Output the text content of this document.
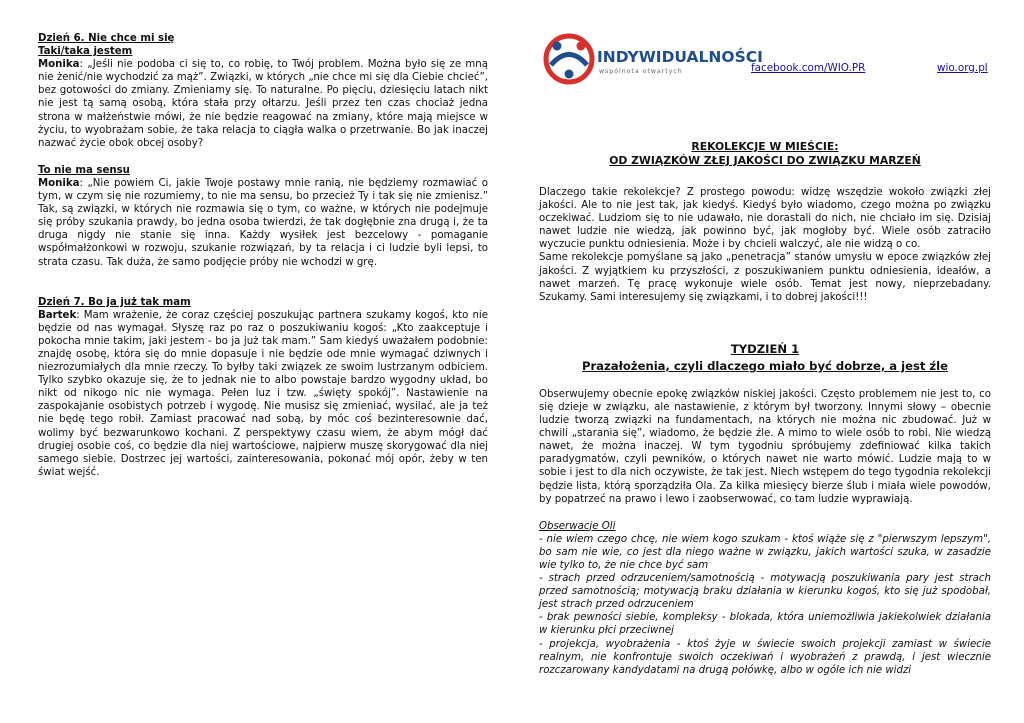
Dzień 6. Nie chce mi się
Taki/taka jestem

Monika: „Jeśli nie podoba ci się to, co robię, to Twój problem. Można było się ze mną nie żenić/nie wychodzić za mąż”. Związki, w których „nie chce mi się dla Ciebie chcieć”, bez gotowości do zmiany. Zmieniamy się. To naturalne. Po pięciu, dziesięciu latach nikt nie jest tą samą osobą, która stała przy ołtarzu. Jeśli przez ten czas chociaż jedna strona w małżeństwie mówi, że nie będzie reagować na zmiany, które mają miejsce w życiu, to wyobrażam sobie, że taka relacja to ciągła walka o przetrwanie. Bo jak inaczej nazwać życie obok obcej osoby?

To nie ma sensu

Monika: „Nie powiem Ci, jakie Twoje postawy mnie ranią, nie będziemy rozmawiać o tym, w czym się nie rozumiemy, to nie ma sensu, bo przecież Ty i tak się nie zmienisz.” Tak, są związki, w których nie rozmawia się o tym, co ważne, w których nie podejmuje się próby szukania prawdy, bo jedna osoba twierdzi, że tak dogłębnie zna drugą i, że ta druga nigdy nie stanie się inna. Każdy wysiłek jest bezcelowy - pomaganie współmałżonkowi w rozwoju, szukanie rozwiązań, by ta relacja i ci ludzie byli lepsi, to strata czasu. Tak duża, że samo podjęcie próby nie wchodzi w grę.

Dzień 7. Bo ja już tak mam

Bartek: Mam wrażenie, że coraz częściej poszukując partnera szukamy kogoś, kto nie będzie od nas wymagał. Słyszę raz po raz o poszukiwaniu kogoś: „Kto zaakceptuje i pokocha mnie takim, jaki jestem - bo ja już tak mam.” Sam kiedyś uważałem podobnie: znajdę osobę, która się do mnie dopasuje i nie będzie ode mnie wymagać dziwnych i niezrozumiałych dla mnie rzeczy. To byłby taki związek ze swoim lustrzanym odbiciem. Tylko szybko okazuje się, że to jednak nie to albo powstaje bardzo wygodny układ, bo nikt od nikogo nic nie wymaga. Pełen luz i tzw. „święty spokój”. Nastawienie na zaspokajanie osobistych potrzeb i wygodę. Nie musisz się zmieniać, wysilać, ale ja też nie będę tego robił. Zamiast pracować nad sobą, by móc coś bezinteresownie dać, wolimy być bezwarunkowo kochani. Z perspektywy czasu wiem, że abym mógł dać drugiej osobie coś, co będzie dla niej wartościowe, najpierw muszę skorygować dla niej samego siebie. Dostrzec jej wartości, zainteresowania, pokonać mój opór, żeby w ten świat wejść.

INDYWIDUALNOŚCI
wspólnota otwartych	facebook.com/WIO.PR	wio.org.pl
REKOLEKCJE W MIEŚCIE:
OD ZWIĄZKÓW ZŁEJ JAKOŚCI DO ZWIĄZKU MARZEŃ

Dlaczego takie rekolekcje? Z prostego powodu: widzę wszędzie wokoło związki złej jakości. Ale to nie jest tak, jak kiedyś. Kiedyś było wiadomo, czego można po związku oczekiwać. Ludziom się to nie udawało, nie dorastali do nich, nie chciało im się. Dzisiaj nawet ludzie nie wiedzą, jak powinno być, jak mogłoby być. Wiele osób zatraciło wyczucie punktu odniesienia. Może i by chcieli walczyć, ale nie widzą o co.

Same rekolekcje pomyślane są jako „penetracja” stanów umysłu w epoce związków złej jakości. Z wyjątkiem ku przyszłości, z poszukiwaniem punktu odniesienia, ideałów, a nawet marzeń. Tę pracę wykonuje wiele osób. Temat jest nowy, nieprzebadany. Szukamy. Sami interesujemy się związkami, i to dobrej jakości!!!

TYDZIEŃ 1
Prazałożenia, czyli dlaczego miało być dobrze, a jest źle

Obserwujemy obecnie epokę związków niskiej jakości. Często problemem nie jest to, co się dzieje w związku, ale nastawienie, z którym był tworzony. Innymi słowy – obecnie ludzie tworzą związki na fundamentach, na których nie można nic zbudować. Już w chwili „starania się”, wiadomo, że będzie źle. A mimo to wiele osób to robi. Nie wiedzą nawet, że można inaczej. W tym tygodniu spróbujemy zdefiniować kilka takich paradygmatów, czyli pewników, o których nawet nie warto mówić. Ludzie mają to w sobie i jest to dla nich oczywiste, że tak jest. Niech wstępem do tego tygodnia rekolekcji będzie lista, którą sporządziła Ola. Za kilka miesięcy bierze ślub i miała wiele powodów, by popatrzeć na prawo i lewo i zaobserwować, co tam ludzie wyprawiają.

Obserwacje Oli
- nie wiem czego chcę, nie wiem kogo szukam - ktoś wiąże się z "pierwszym lepszym", bo sam nie wie, co jest dla niego ważne w związku, jakich wartości szuka, w zasadzie wie tylko to, że nie chce być sam
- strach przed odrzuceniem/samotnością - motywacją poszukiwania pary jest strach przed samotnością; motywacją braku działania w kierunku kogoś, kto się już spodobał, jest strach przed odrzuceniem
- brak pewności siebie, kompleksy - blokada, która uniemożliwia jakiekolwiek działania w kierunku płci przeciwnej
- projekcja, wyobrażenia - ktoś żyje w świecie swoich projekcji zamiast w świecie realnym, nie konfrontuje swoich oczekiwań i wyobrażeń z prawdą, i jest wiecznie rozczarowany kandydatami na drugą połówkę, albo w ogóle ich nie widzi
